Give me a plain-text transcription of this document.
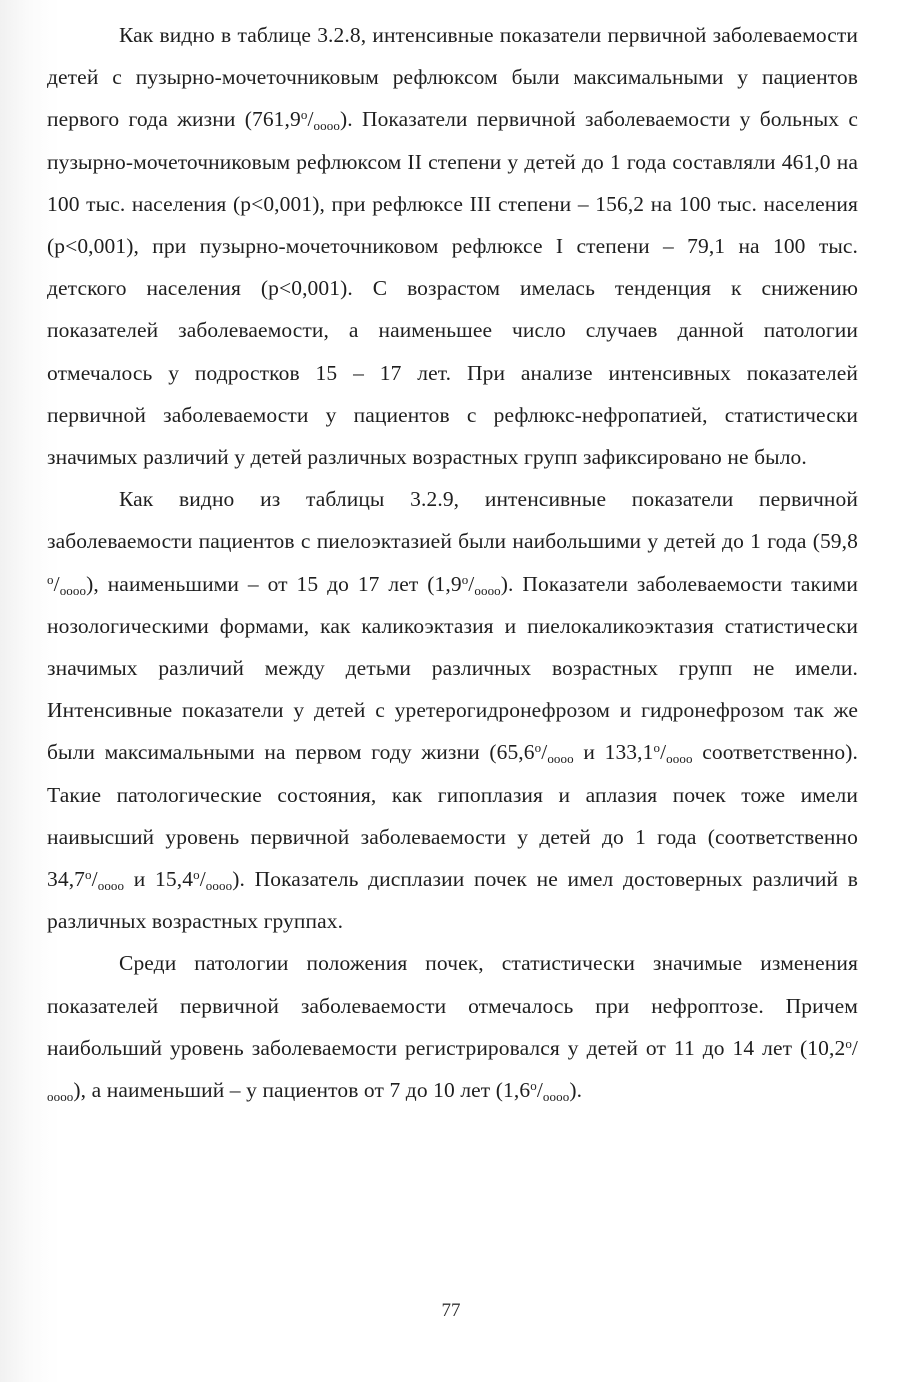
Как видно в таблице 3.2.8, интенсивные показатели первичной заболеваемости детей с пузырно-мочеточниковым рефлюксом были максимальными у пациентов первого года жизни $(761,9^о/_{оооо})$. Показатели первичной заболеваемости у больных с пузырно-мочеточниковым рефлюксом II степени у детей до 1 года составляли 461,0 на 100 тыс. населения (p<0,001), при рефлюксе III степени – 156,2 на 100 тыс. населения (p<0,001), при пузырно-мочеточниковом рефлюксе I степени – 79,1 на 100 тыс. детского населения (p<0,001). С возрастом имелась тенденция к снижению показателей заболеваемости, а наименьшее число случаев данной патологии отмечалось у подростков 15 – 17 лет. При анализе интенсивных показателей первичной заболеваемости у пациентов с рефлюкс-нефропатией, статистически значимых различий у детей различных возрастных групп зафиксировано не было.

Как видно из таблицы 3.2.9, интенсивные показатели первичной заболеваемости пациентов с пиелоэктазией были наибольшими у детей до 1 года (59,8 $^о/_{оооо}$), наименьшими – от 15 до 17 лет $(1,9^о/_{оооо})$. Показатели заболеваемости такими нозологическими формами, как каликоэктазия и пиелокаликоэктазия статистически значимых различий между детьми различных возрастных групп не имели. Интенсивные показатели у детей с уретерогидронефрозом и гидронефрозом так же были максимальными на первом году жизни ($65,6^о/_{оооо}$ и $133,1^о/_{оооо}$ соответственно). Такие патологические состояния, как гипоплазия и аплазия почек тоже имели наивысший уровень первичной заболеваемости у детей до 1 года (соответственно $34,7^о/_{оооо}$ и $15,4^о/_{оооо}$). Показатель дисплазии почек не имел достоверных различий в различных возрастных группах.

Среди патологии положения почек, статистически значимые изменения показателей первичной заболеваемости отмечалось при нефроптозе. Причем наибольший уровень заболеваемости регистрировался у детей от 11 до 14 лет $(10,2^о/_{оооо})$, а наименьший – у пациентов от 7 до 10 лет $(1,6^о/_{оооо})$.

77
